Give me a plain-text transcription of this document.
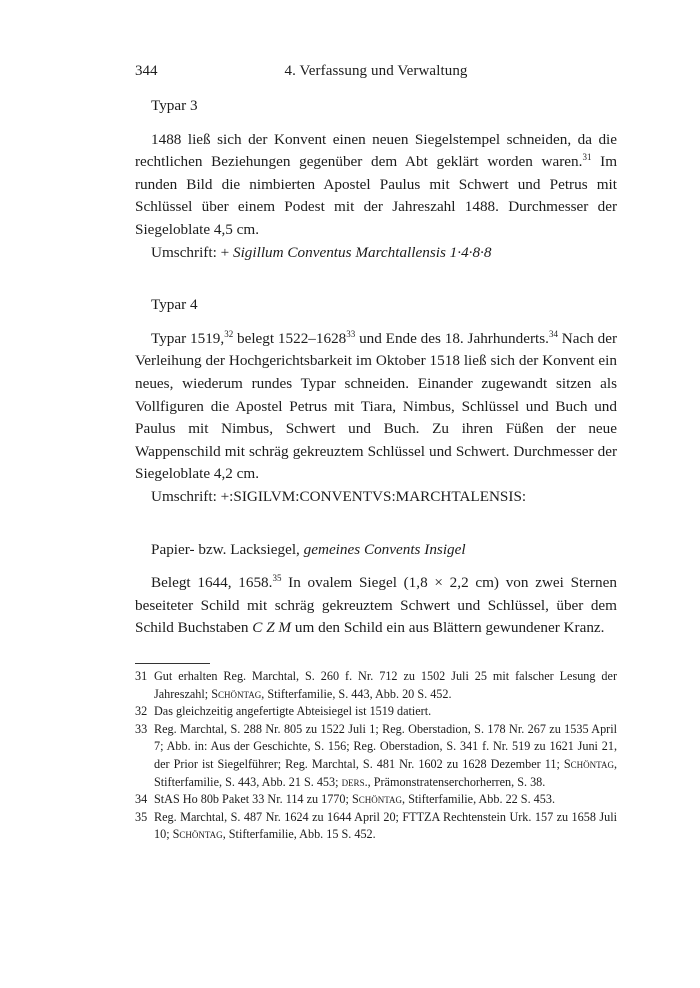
344	4. Verfassung und Verwaltung

Typar 3

1488 ließ sich der Konvent einen neuen Siegelstempel schneiden, da die rechtlichen Beziehungen gegenüber dem Abt geklärt worden waren.$^{31}$ Im runden Bild die nimbierten Apostel Paulus mit Schwert und Petrus mit Schlüssel über einem Podest mit der Jahreszahl 1488. Durchmesser der Siegeloblate 4,5 cm.

Umschrift: + Sigillum Conventus Marchtallensis 1·4·8·8

Typar 4

Typar 1519,32 belegt 1522–1628$^{33}$ und Ende des 18. Jahrhunderts.$^{34}$ Nach der Verleihung der Hochgerichtsbarkeit im Oktober 1518 ließ sich der Konvent ein neues, wiederum rundes Typar schneiden. Einander zugewandt sitzen als Vollfiguren die Apostel Petrus mit Tiara, Nimbus, Schlüssel und Buch und Paulus mit Nimbus, Schwert und Buch. Zu ihren Füßen der neue Wappenschild mit schräg gekreuztem Schlüssel und Schwert. Durchmesser der Siegeloblate 4,2 cm.

Umschrift: +:SIGILVM:CONVENTVS:MARCHTALENSIS:

Papier- bzw. Lacksiegel, gemeines Convents Insigel

Belegt 1644, 1658.35 In ovalem Siegel (1,8 × 2,2 cm) von zwei Sternen beseiteter Schild mit schräg gekreuztem Schwert und Schlüssel, über dem Schild Buchstaben C Z M um den Schild ein aus Blättern gewundener Kranz.

31 Gut erhalten Reg. Marchtal, S. 260 f. Nr. 712 zu 1502 Juli 25 mit falscher Lesung der Jahreszahl; Schöntag, Stifterfamilie, S. 443, Abb. 20 S. 452.

32 Das gleichzeitig angefertigte Abteisiegel ist 1519 datiert.

33 Reg. Marchtal, S. 288 Nr. 805 zu 1522 Juli 1; Reg. Oberstadion, S. 178 Nr. 267 zu 1535 April 7; Abb. in: Aus der Geschichte, S. 156; Reg. Oberstadion, S. 341 f. Nr. 519 zu 1621 Juni 21, der Prior ist Siegelführer; Reg. Marchtal, S. 481 Nr. 1602 zu 1628 Dezember 11; Schöntag, Stifterfamilie, S. 443, Abb. 21 S. 453; ders., Prämonstratenserchorherren, S. 38.

34 StAS Ho 80b Paket 33 Nr. 114 zu 1770; Schöntag, Stifterfamilie, Abb. 22 S. 453.

35 Reg. Marchtal, S. 487 Nr. 1624 zu 1644 April 20; FTTZA Rechtenstein Urk. 157 zu 1658 Juli 10; Schöntag, Stifterfamilie, Abb. 15 S. 452.
